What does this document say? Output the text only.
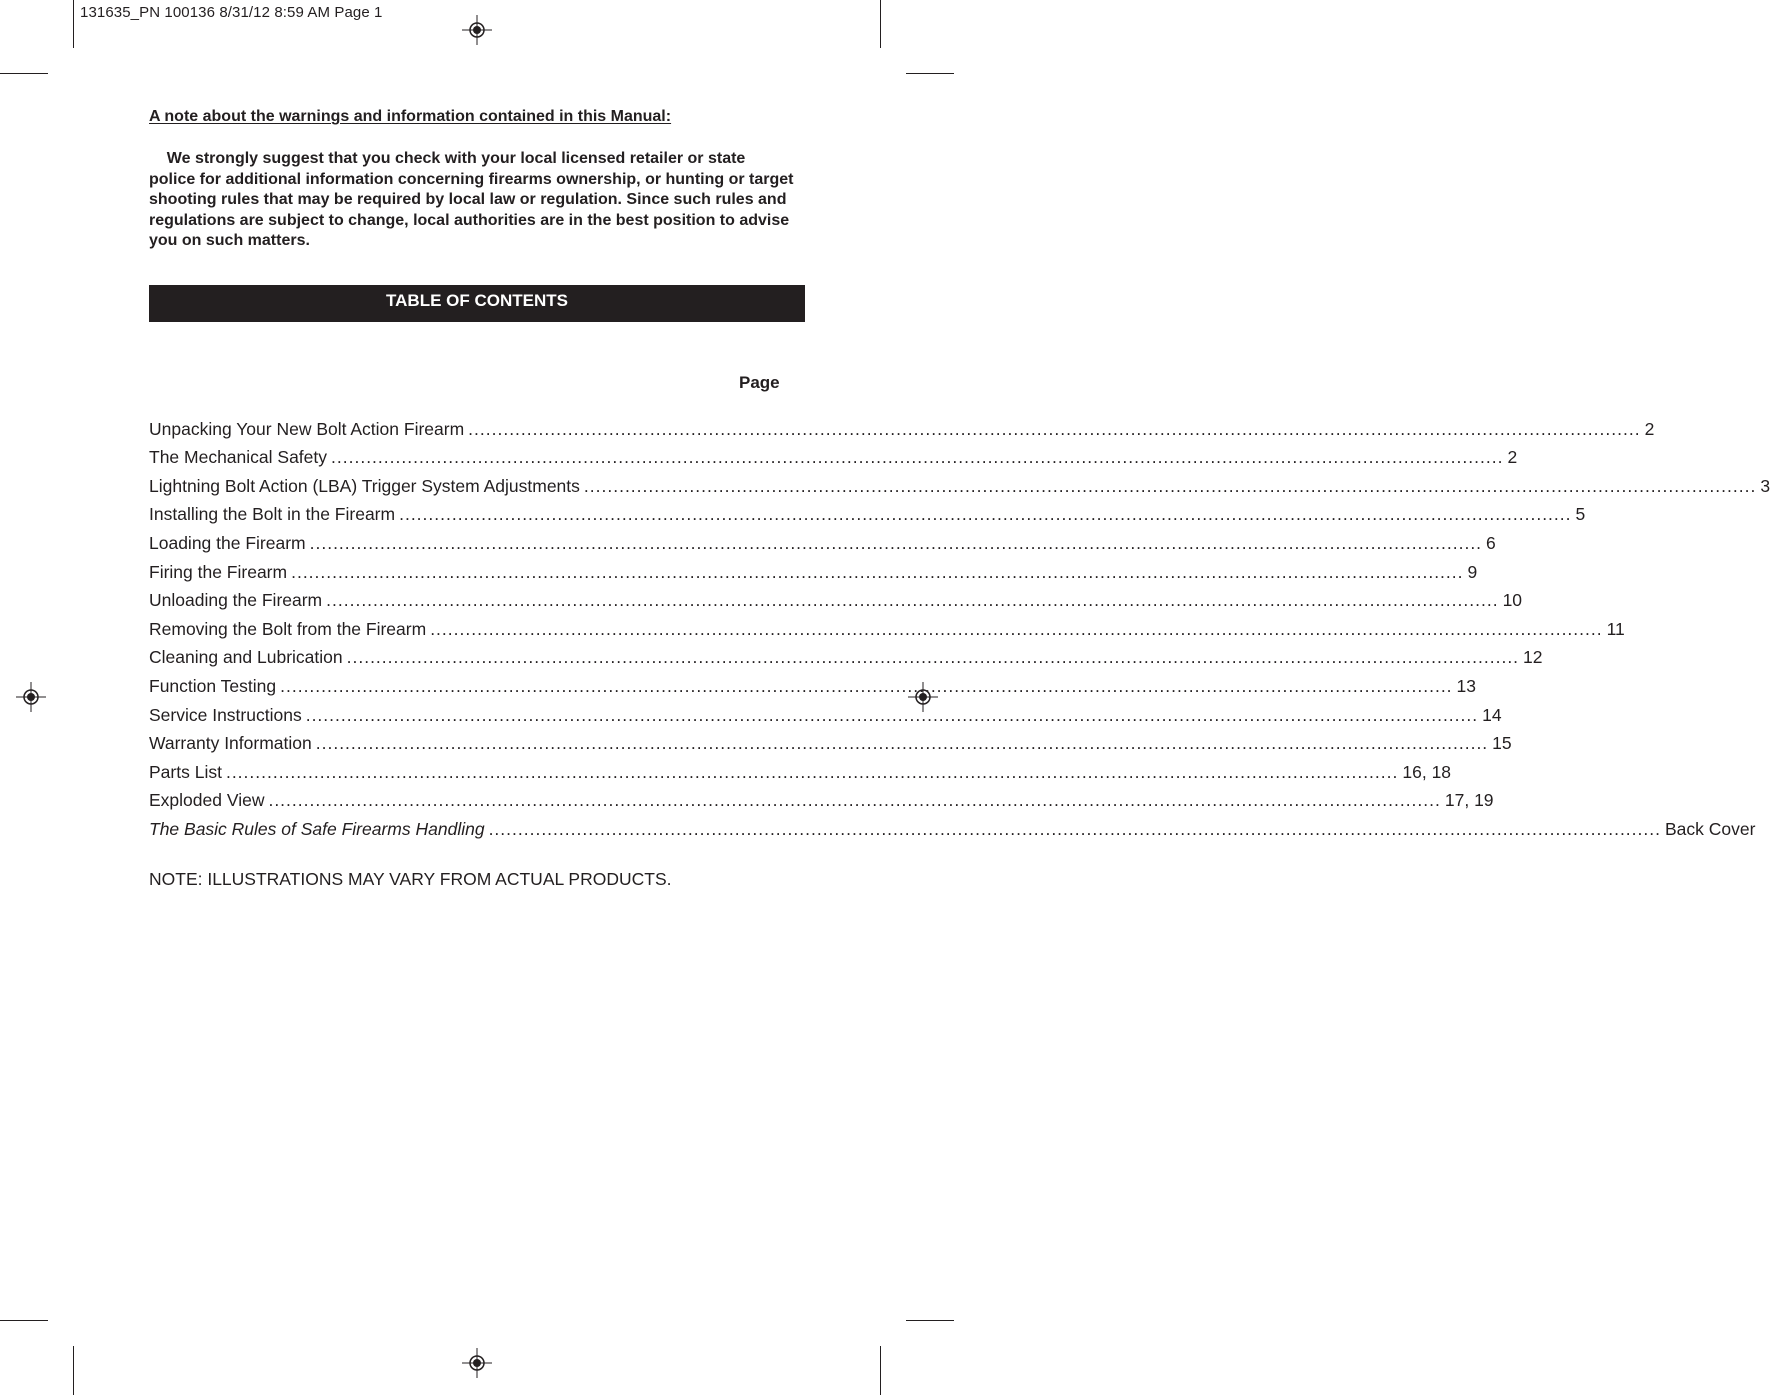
131635_PN 100136 8/31/12 8:59 AM Page 1
A note about the warnings and information contained in this Manual:
We strongly suggest that you check with your local licensed retailer or state police for additional information concerning firearms ownership, or hunting or target shooting rules that may be required by local law or regulation. Since such rules and regulations are subject to change, local authorities are in the best position to advise you on such matters.
TABLE OF CONTENTS
Page
Unpacking Your New Bolt Action Firearm ........................................................................................................................................................................................................ 2
The Mechanical Safety ........................................................................................................................................................................................................ 2
Lightning Bolt Action (LBA) Trigger System Adjustments ........................................................................................................................................................................................................ 3
Installing the Bolt in the Firearm ........................................................................................................................................................................................................ 5
Loading the Firearm ........................................................................................................................................................................................................ 6
Firing the Firearm ........................................................................................................................................................................................................ 9
Unloading the Firearm ........................................................................................................................................................................................................ 10
Removing the Bolt from the Firearm ........................................................................................................................................................................................................ 11
Cleaning and Lubrication ........................................................................................................................................................................................................ 12
Function Testing ........................................................................................................................................................................................................ 13
Service Instructions ........................................................................................................................................................................................................ 14
Warranty Information ........................................................................................................................................................................................................ 15
Parts List ........................................................................................................................................................................................................ 16, 18
Exploded View ........................................................................................................................................................................................................ 17, 19
The Basic Rules of Safe Firearms Handling ........................................................................................................................................................................................................ Back Cover
NOTE: ILLUSTRATIONS MAY VARY FROM ACTUAL PRODUCTS.
